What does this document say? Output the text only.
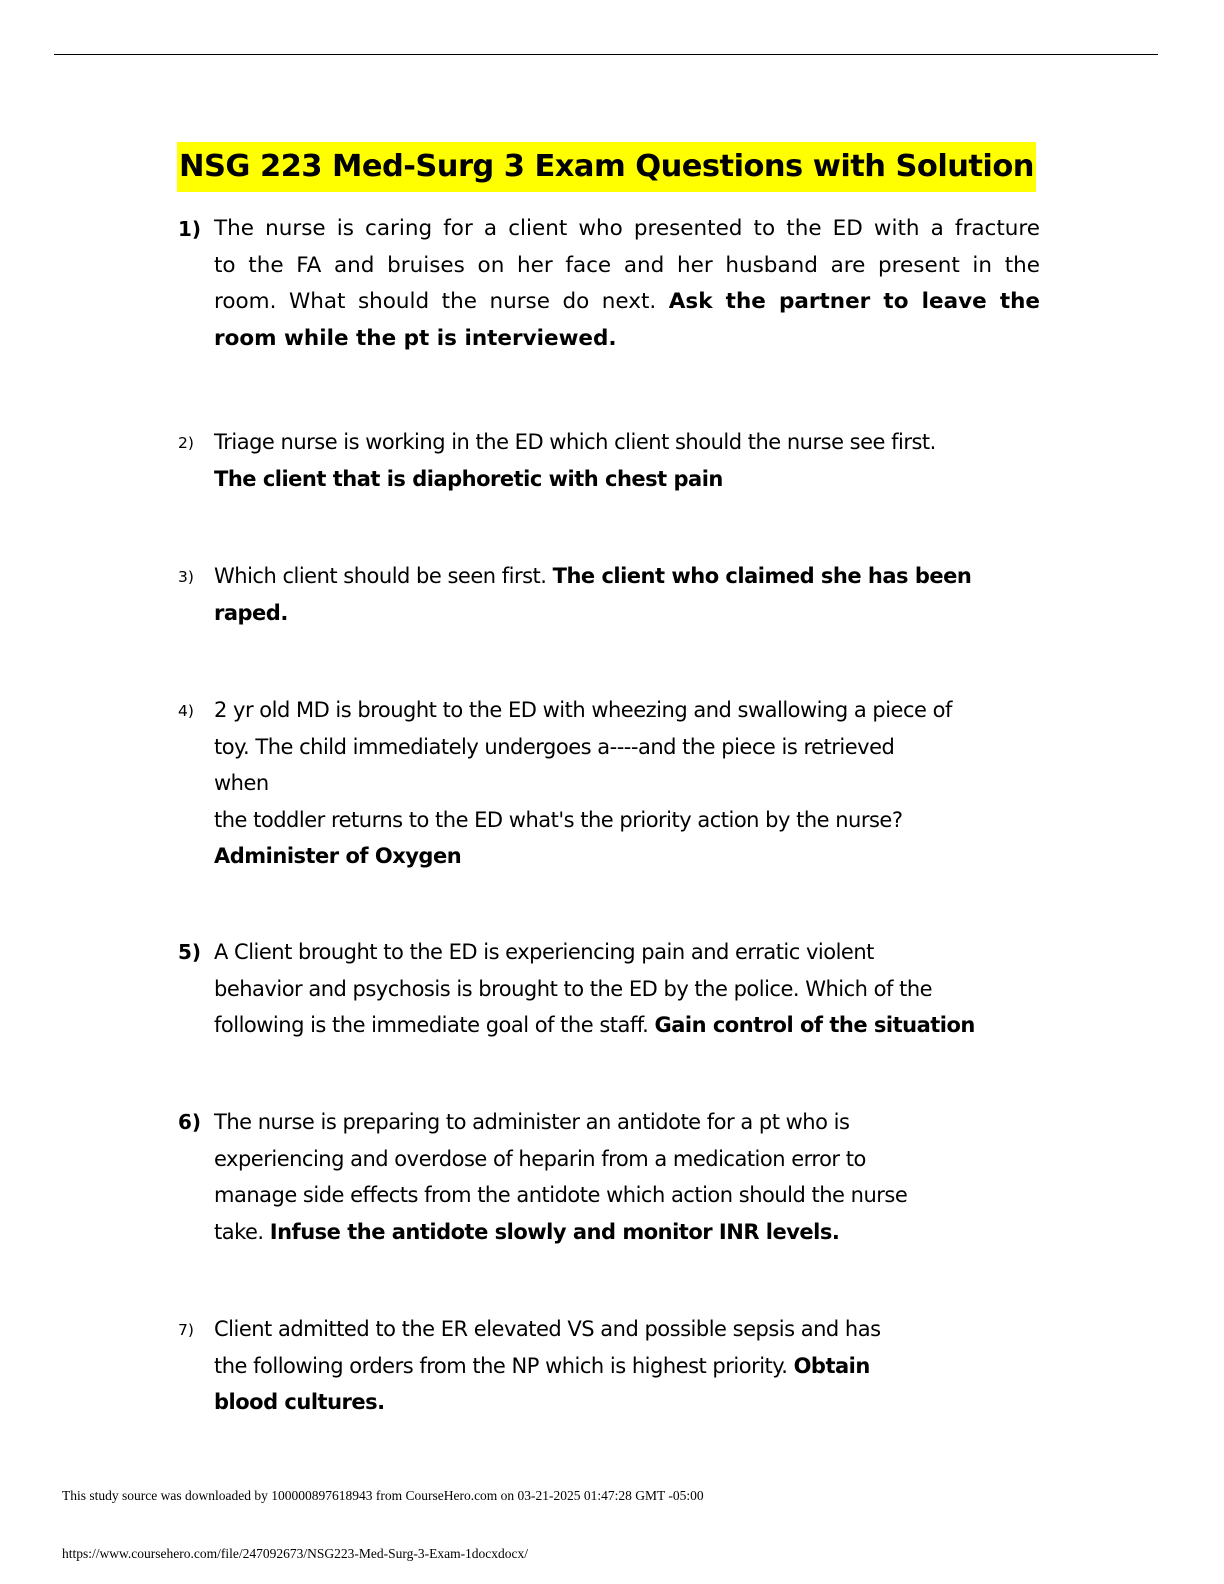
NSG 223 Med-Surg 3 Exam Questions with Solution
1) The nurse is caring for a client who presented to the ED with a fracture
to the FA and bruises on her face and her husband are present in the
room. What should the nurse do next. Ask the partner to leave the
room while the pt is interviewed.
2) Triage nurse is working in the ED which client should the nurse see first.
The client that is diaphoretic with chest pain
3) Which client should be seen first. The client who claimed she has been
raped.
4) 2 yr old MD is brought to the ED with wheezing and swallowing a piece of
toy. The child immediately undergoes a----and the piece is retrieved
when
the toddler returns to the ED what's the priority action by the nurse?
Administer of Oxygen
5) A Client brought to the ED is experiencing pain and erratic violent
behavior and psychosis is brought to the ED by the police. Which of the
following is the immediate goal of the staff. Gain control of the situation
6) The nurse is preparing to administer an antidote for a pt who is
experiencing and overdose of heparin from a medication error to
manage side effects from the antidote which action should the nurse
take. Infuse the antidote slowly and monitor INR levels.
7) Client admitted to the ER elevated VS and possible sepsis and has
the following orders from the NP which is highest priority. Obtain
blood cultures.
This study source was downloaded by 100000897618943 from CourseHero.com on 03-21-2025 01:47:28 GMT -05:00
https://www.coursehero.com/file/247092673/NSG223-Med-Surg-3-Exam-1docxdocx/
